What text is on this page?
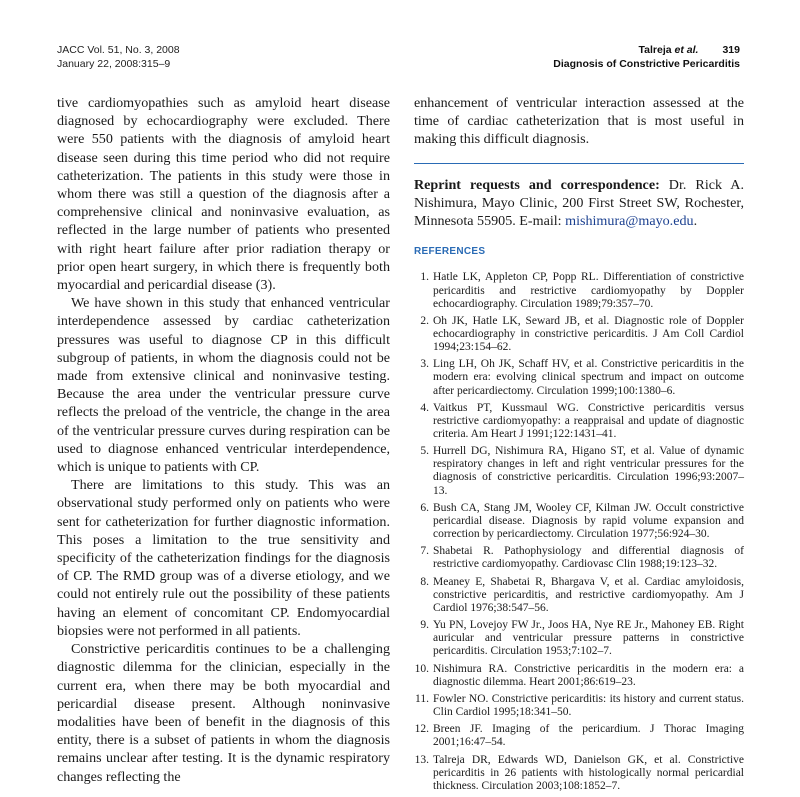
JACC Vol. 51, No. 3, 2008
January 22, 2008:315–9
Talreja et al. 319
Diagnosis of Constrictive Pericarditis

tive cardiomyopathies such as amyloid heart disease diagnosed by echocardiography were excluded. There were 550 patients with the diagnosis of amyloid heart disease seen during this time period who did not require catheterization. The patients in this study were those in whom there was still a question of the diagnosis after a comprehensive clinical and noninvasive evaluation, as reflected in the large number of patients who presented with right heart failure after prior radiation therapy or prior open heart surgery, in which there is frequently both myocardial and pericardial disease (3).

We have shown in this study that enhanced ventricular interdependence assessed by cardiac catheterization pressures was useful to diagnose CP in this difficult subgroup of patients, in whom the diagnosis could not be made from extensive clinical and noninvasive testing. Because the area under the ventricular pressure curve reflects the preload of the ventricle, the change in the area of the ventricular pressure curves during respiration can be used to diagnose enhanced ventricular interdependence, which is unique to patients with CP.

There are limitations to this study. This was an observational study performed only on patients who were sent for catheterization for further diagnostic information. This poses a limitation to the true sensitivity and specificity of the catheterization findings for the diagnosis of CP. The RMD group was of a diverse etiology, and we could not entirely rule out the possibility of these patients having an element of concomitant CP. Endomyocardial biopsies were not performed in all patients.

Constrictive pericarditis continues to be a challenging diagnostic dilemma for the clinician, especially in the current era, when there may be both myocardial and pericardial disease present. Although noninvasive modalities have been of benefit in the diagnosis of this entity, there is a subset of patients in whom the diagnosis remains unclear after testing. It is the dynamic respiratory changes reflecting the

enhancement of ventricular interaction assessed at the time of cardiac catheterization that is most useful in making this difficult diagnosis.

Reprint requests and correspondence: Dr. Rick A. Nishimura, Mayo Clinic, 200 First Street SW, Rochester, Minnesota 55905. E-mail: mishimura@mayo.edu.

REFERENCES
1. Hatle LK, Appleton CP, Popp RL. Differentiation of constrictive pericarditis and restrictive cardiomyopathy by Doppler echocardiography. Circulation 1989;79:357–70.
2. Oh JK, Hatle LK, Seward JB, et al. Diagnostic role of Doppler echocardiography in constrictive pericarditis. J Am Coll Cardiol 1994;23:154–62.
3. Ling LH, Oh JK, Schaff HV, et al. Constrictive pericarditis in the modern era: evolving clinical spectrum and impact on outcome after pericardiectomy. Circulation 1999;100:1380–6.
4. Vaitkus PT, Kussmaul WG. Constrictive pericarditis versus restrictive cardiomyopathy: a reappraisal and update of diagnostic criteria. Am Heart J 1991;122:1431–41.
5. Hurrell DG, Nishimura RA, Higano ST, et al. Value of dynamic respiratory changes in left and right ventricular pressures for the diagnosis of constrictive pericarditis. Circulation 1996;93:2007–13.
6. Bush CA, Stang JM, Wooley CF, Kilman JW. Occult constrictive pericardial disease. Diagnosis by rapid volume expansion and correction by pericardiectomy. Circulation 1977;56:924–30.
7. Shabetai R. Pathophysiology and differential diagnosis of restrictive cardiomyopathy. Cardiovasc Clin 1988;19:123–32.
8. Meaney E, Shabetai R, Bhargava V, et al. Cardiac amyloidosis, constrictive pericarditis, and restrictive cardiomyopathy. Am J Cardiol 1976;38:547–56.
9. Yu PN, Lovejoy FW Jr., Joos HA, Nye RE Jr., Mahoney EB. Right auricular and ventricular pressure patterns in constrictive pericarditis. Circulation 1953;7:102–7.
10. Nishimura RA. Constrictive pericarditis in the modern era: a diagnostic dilemma. Heart 2001;86:619–23.
11. Fowler NO. Constrictive pericarditis: its history and current status. Clin Cardiol 1995;18:341–50.
12. Breen JF. Imaging of the pericardium. J Thorac Imaging 2001;16:47–54.
13. Talreja DR, Edwards WD, Danielson GK, et al. Constrictive pericarditis in 26 patients with histologically normal pericardial thickness. Circulation 2003;108:1852–7.
